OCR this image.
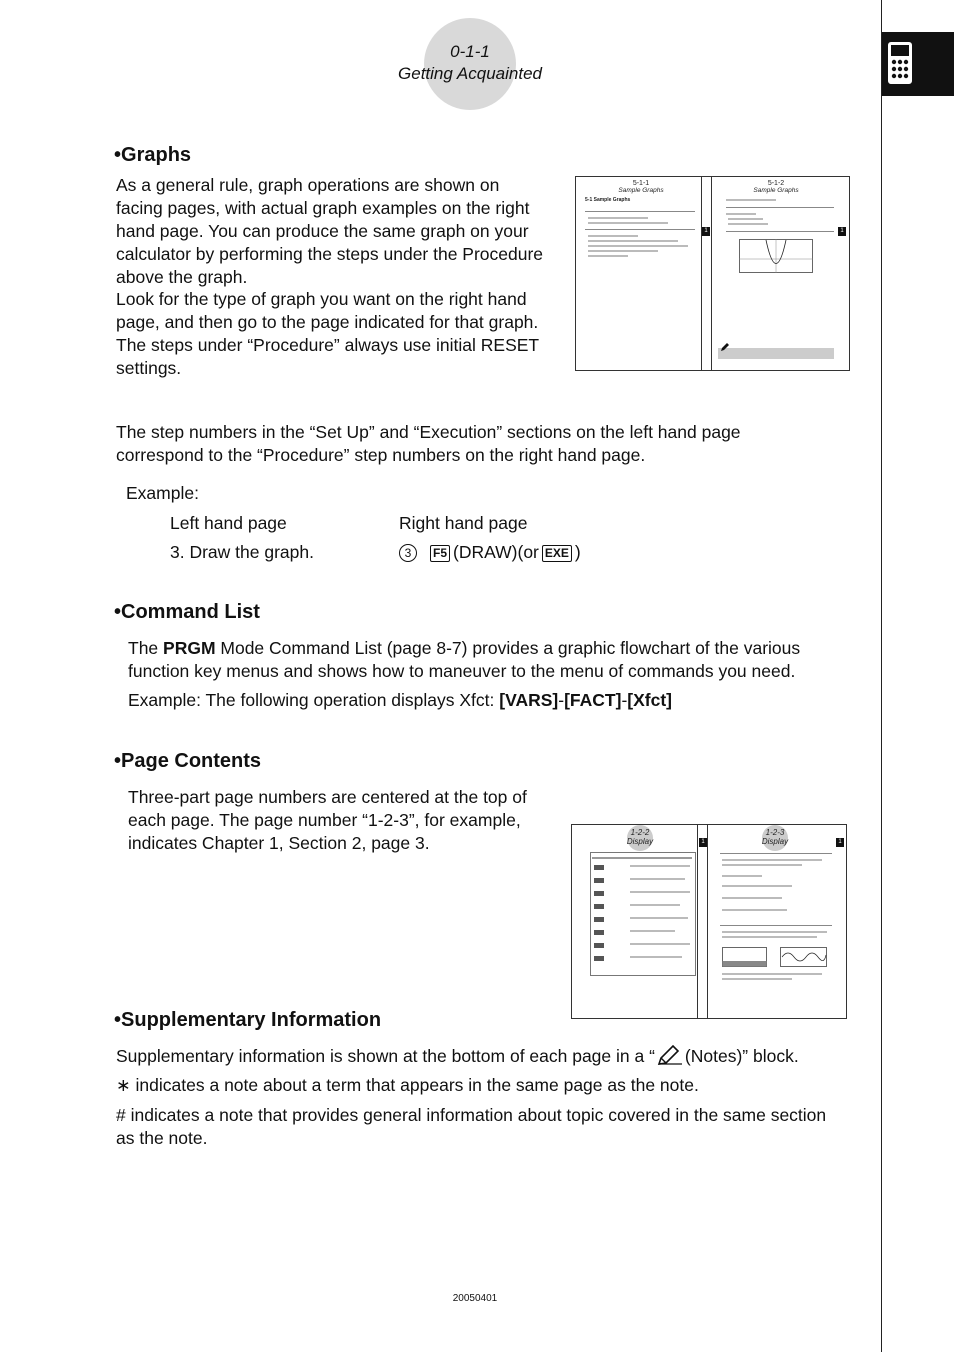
0-1-1
Getting Acquainted
•Graphs
As a general rule, graph operations are shown on
facing pages, with actual graph examples on the right
hand page. You can produce the same graph on your
calculator by performing the steps under the Procedure
above the graph.
Look for the type of graph you want on the right hand
page, and then go to the page indicated for that graph.
The steps under “Procedure” always use initial RESET
settings.
5-1-1
Sample Graphs
5-1 Sample Graphs
1
5-1-2
Sample Graphs
1
The step numbers in the “Set Up” and “Execution” sections on the left hand page
correspond to the “Procedure” step numbers on the right hand page.
Example:
Left hand page	Right hand page
3. Draw the graph.	3 F5 (DRAW)(or EXE )
•Command List
The PRGM Mode Command List (page 8-7) provides a graphic flowchart of the various
function key menus and shows how to maneuver to the menu of commands you need.
Example: The following operation displays Xfct: [VARS]-[FACT]-[Xfct]
•Page Contents
Three-part page numbers are centered at the top of
each page. The page number “1-2-3”, for example,
indicates Chapter 1, Section 2, page 3.
1-2-2
Display	1
1-2-3
Display	1
•Supplementary Information
Supplementary information is shown at the bottom of each page in a “ (Notes)” block.
∗ indicates a note about a term that appears in the same page as the note.
# indicates a note that provides general information about topic covered in the same section
as the note.
20050401
